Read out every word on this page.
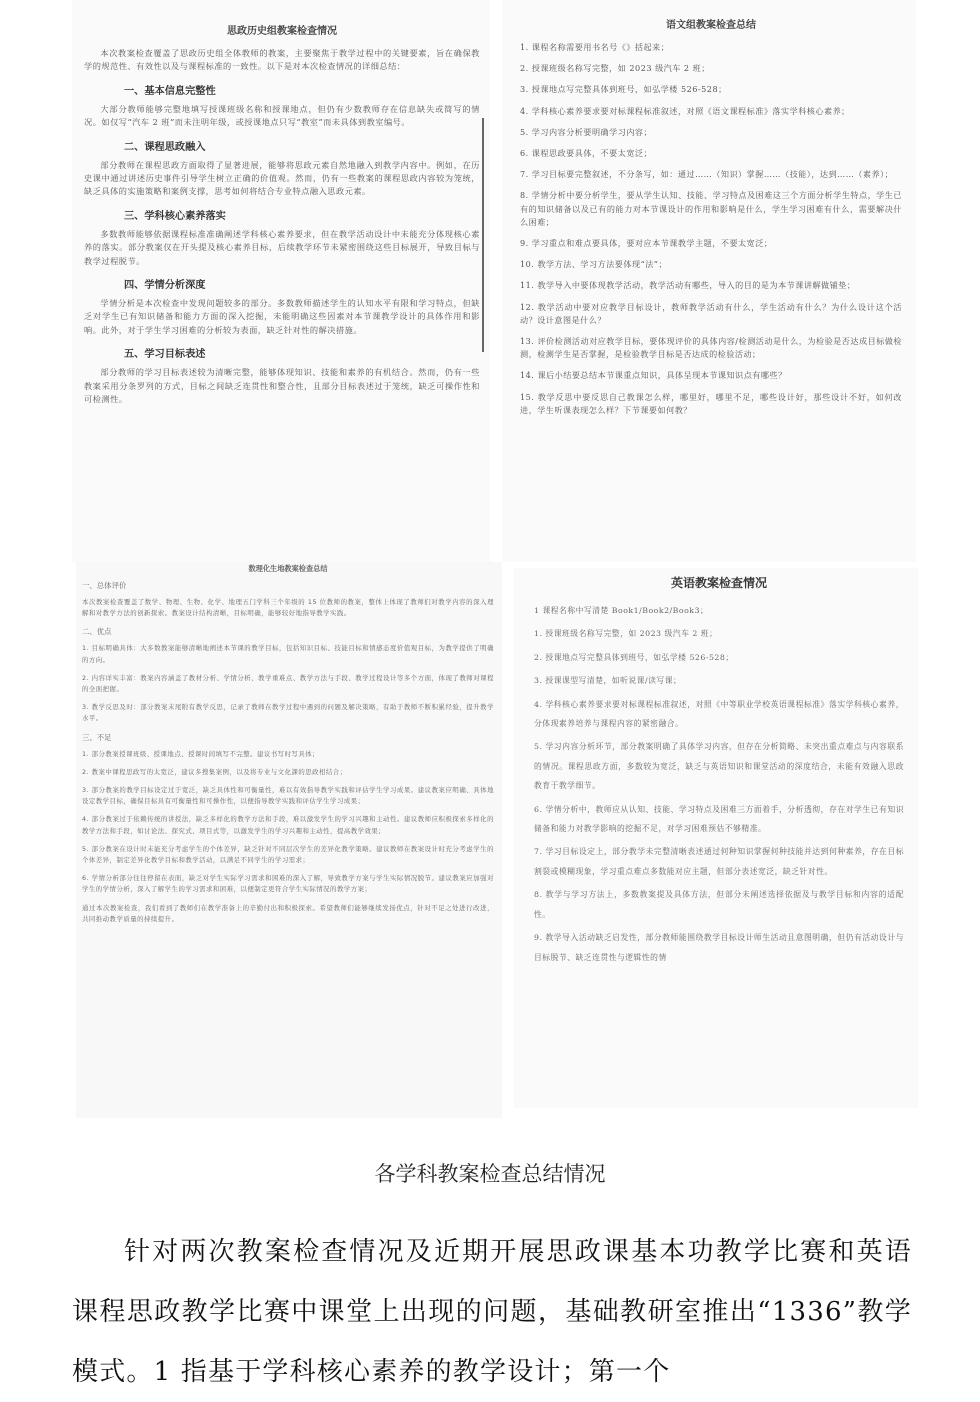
思政历史组教案检查情况

本次教案检查覆盖了思政历史组全体教师的教案，主要聚焦于教学过程中的关键要素，旨在确保教学的规范性、有效性以及与课程标准的一致性。以下是对本次检查情况的详细总结：

一、基本信息完整性

大部分教师能够完整地填写授课班级名称和授课地点，但仍有少数教师存在信息缺失或简写的情况。如仅写“汽车 2 班”而未注明年级，或授课地点只写“教室”而未具体到教室编号。

二、课程思政融入

部分教师在课程思政方面取得了显著进展，能够将思政元素自然地融入到教学内容中。例如，在历史课中通过讲述历史事件引导学生树立正确的价值观。然而，仍有一些教案的课程思政内容较为笼统，缺乏具体的实施策略和案例支撑，思考如何将结合专业特点融入思政元素。

三、学科核心素养落实

多数教师能够依据课程标准准确阐述学科核心素养要求，但在教学活动设计中未能充分体现核心素养的落实。部分教案仅在开头提及核心素养目标，后续教学环节未紧密围绕这些目标展开，导致目标与教学过程脱节。

四、学情分析深度

学情分析是本次检查中发现问题较多的部分。多数教师描述学生的认知水平有限和学习特点，但缺乏对学生已有知识储备和能力方面的深入挖掘，未能明确这些因素对本节课教学设计的具体作用和影响。此外，对于学生学习困难的分析较为表面，缺乏针对性的解决措施。

五、学习目标表述

部分教师的学习目标表述较为清晰完整，能够体现知识、技能和素养的有机结合。然而，仍有一些教案采用分条罗列的方式，目标之间缺乏连贯性和整合性，且部分目标表述过于笼统，缺乏可操作性和可检测性。

语文组教案检查总结

1. 课程名称需要用书名号《》括起来；

2. 授课班级名称写完整，如 2023 级汽车 2 班；

3. 授课地点写完整具体到班号，如弘学楼 526-528；

4. 学科核心素养要求要对标课程标准叙述，对照《语文课程标准》落实学科核心素养；

5. 学习内容分析要明确学习内容；

6. 课程思政要具体，不要太宽泛；

7. 学习目标要完整叙述，不分条写，如：通过……（知识）掌握……（技能），达到……（素养）；

8. 学情分析中要分析学生，要从学生认知、技能、学习特点及困难这三个方面分析学生特点，学生已有的知识储备以及已有的能力对本节课设计的作用和影响是什么，学生学习困难有什么，需要解决什么困难；

9. 学习重点和难点要具体，要对应本节课教学主题，不要太宽泛；

10. 教学方法、学习方法要体现“法”；

11. 教学导入中要体现教学活动，教学活动有哪些，导入的目的是为本节课讲解做铺垫；

12. 教学活动中要对应教学目标设计，教师教学活动有什么，学生活动有什么？为什么设计这个活动？设计意图是什么？

13. 评价检测活动对应教学目标，要体现评价的具体内容/检测活动是什么，为检验是否达成目标做检测，检测学生是否掌握，是检验教学目标是否达成的检验活动；

14. 课后小结要总结本节课重点知识，具体呈现本节课知识点有哪些？

15. 教学反思中要反思自己教课怎么样，哪里好，哪里不足，哪些设计好，那些设计不好，如何改进，学生听课表现怎么样？下节课要如何教？

数理化生地教案检查总结

一、总体评价

本次教案检查覆盖了数学、物理、生物、化学、地理五门学科三个年级的 15 位教师的教案，整体上体现了教师们对教学内容的深入理解和对教学方法的创新探索。教案设计结构清晰，目标明确，能够较好地指导教学实践。

二、优点

1. 目标明确具体：大多数教案能够清晰地阐述本节课的教学目标，包括知识目标、技能目标和情感态度价值观目标，为教学提供了明确的方向。

2. 内容详实丰富：教案内容涵盖了教材分析、学情分析、教学重难点、教学方法与手段、教学过程设计等多个方面，体现了教师对课程的全面把握。

3. 教学反思及时：部分教案末尾附有教学反思，记录了教师在教学过程中遇到的问题及解决策略，有助于教师不断积累经验，提升教学水平。

三、不足

1. 部分教案授课班级、授课地点、授课时间填写不完整。建议书写时写具体；

2. 教案中课程思政写的太宽泛，建议多搜集案例，以及将专业与文化課的思政相结合；

3. 部分教案的教学目标设定过于宽泛，缺乏具体性和可衡量性，难以有效指导教学实践和评估学生学习成果。建议教案应明确、具体地设定教学目标，确保目标具有可衡量性和可操作性，以便指导教学实践和评估学生学习成果；

4. 部分教案过于依赖传统的讲授法，缺乏多样化的教学方法和手段，难以激发学生的学习兴趣和主动性。建议教师应积极探索多样化的教学方法和手段，如讨论法、探究式、项目式等，以激发学生的学习兴趣和主动性，提高教学效果；

5. 部分教案在设计时未能充分考虑学生的个体差异，缺乏针对不同层次学生的差异化教学策略。建议教师在教案设计时充分考虑学生的个体差异，制定差异化教学目标和教学活动，以满足不同学生的学习需求；

6. 学情分析部分往往停留在表面，缺乏对学生实际学习需求和困难的深入了解，导致教学方案与学生实际情况脱节。建议教案应加强对学生的学情分析，深入了解学生的学习需求和困难，以便制定更符合学生实际情况的教学方案；

通过本次教案检查，我们看到了教师们在教学准备上的辛勤付出和积极探索。希望教师们能够继续发扬优点，针对不足之处进行改进，共同推动教学质量的持续提升。

英语教案检查情况

1 课程名称中写清楚 Book1/Book2/Book3；

1. 授课班级名称写完整，如 2023 级汽车 2 班；

2. 授课地点写完整具体到班号，如弘学楼 526-528；

3. 授课课型写清楚，如听说课/读写课；

4. 学科核心素养要求要对标课程标准叙述，对照《中等职业学校英语课程标准》落实学科核心素养，分体现素养培养与课程内容的紧密融合。

5. 学习内容分析环节，部分教案明确了具体学习内容，但存在分析简略、未突出重点难点与内容联系的情况。课程思政方面，多数较为宽泛，缺乏与英语知识和课堂活动的深度结合，未能有效融入思政教育于教学细节。

6. 学情分析中，教师应从认知、技能、学习特点及困难三方面着手，分析透彻，存在对学生已有知识储备和能力对教学影响的挖掘不足，对学习困难预估不够精准。

7. 学习目标设定上，部分教学未完整清晰表述通过何种知识掌握何种技能并达到何种素养，存在目标割裂或模糊现象，学习重点难点多数能对应主题，但部分表述宽泛，缺乏针对性。

8. 教学与学习方法上，多数教案提及具体方法，但部分未阐述选择依据及与教学目标和内容的适配性。

9. 教学导入活动缺乏启发性，部分教师能围绕教学目标设计师生活动且意图明确，但仍有活动设计与目标脱节、缺乏连贯性与逻辑性的情

各学科教案检查总结情况

针对两次教案检查情况及近期开展思政课基本功教学比赛和英语课程思政教学比赛中课堂上出现的问题，基础教研室推出“1336”教学模式。1 指基于学科核心素养的教学设计；第一个
